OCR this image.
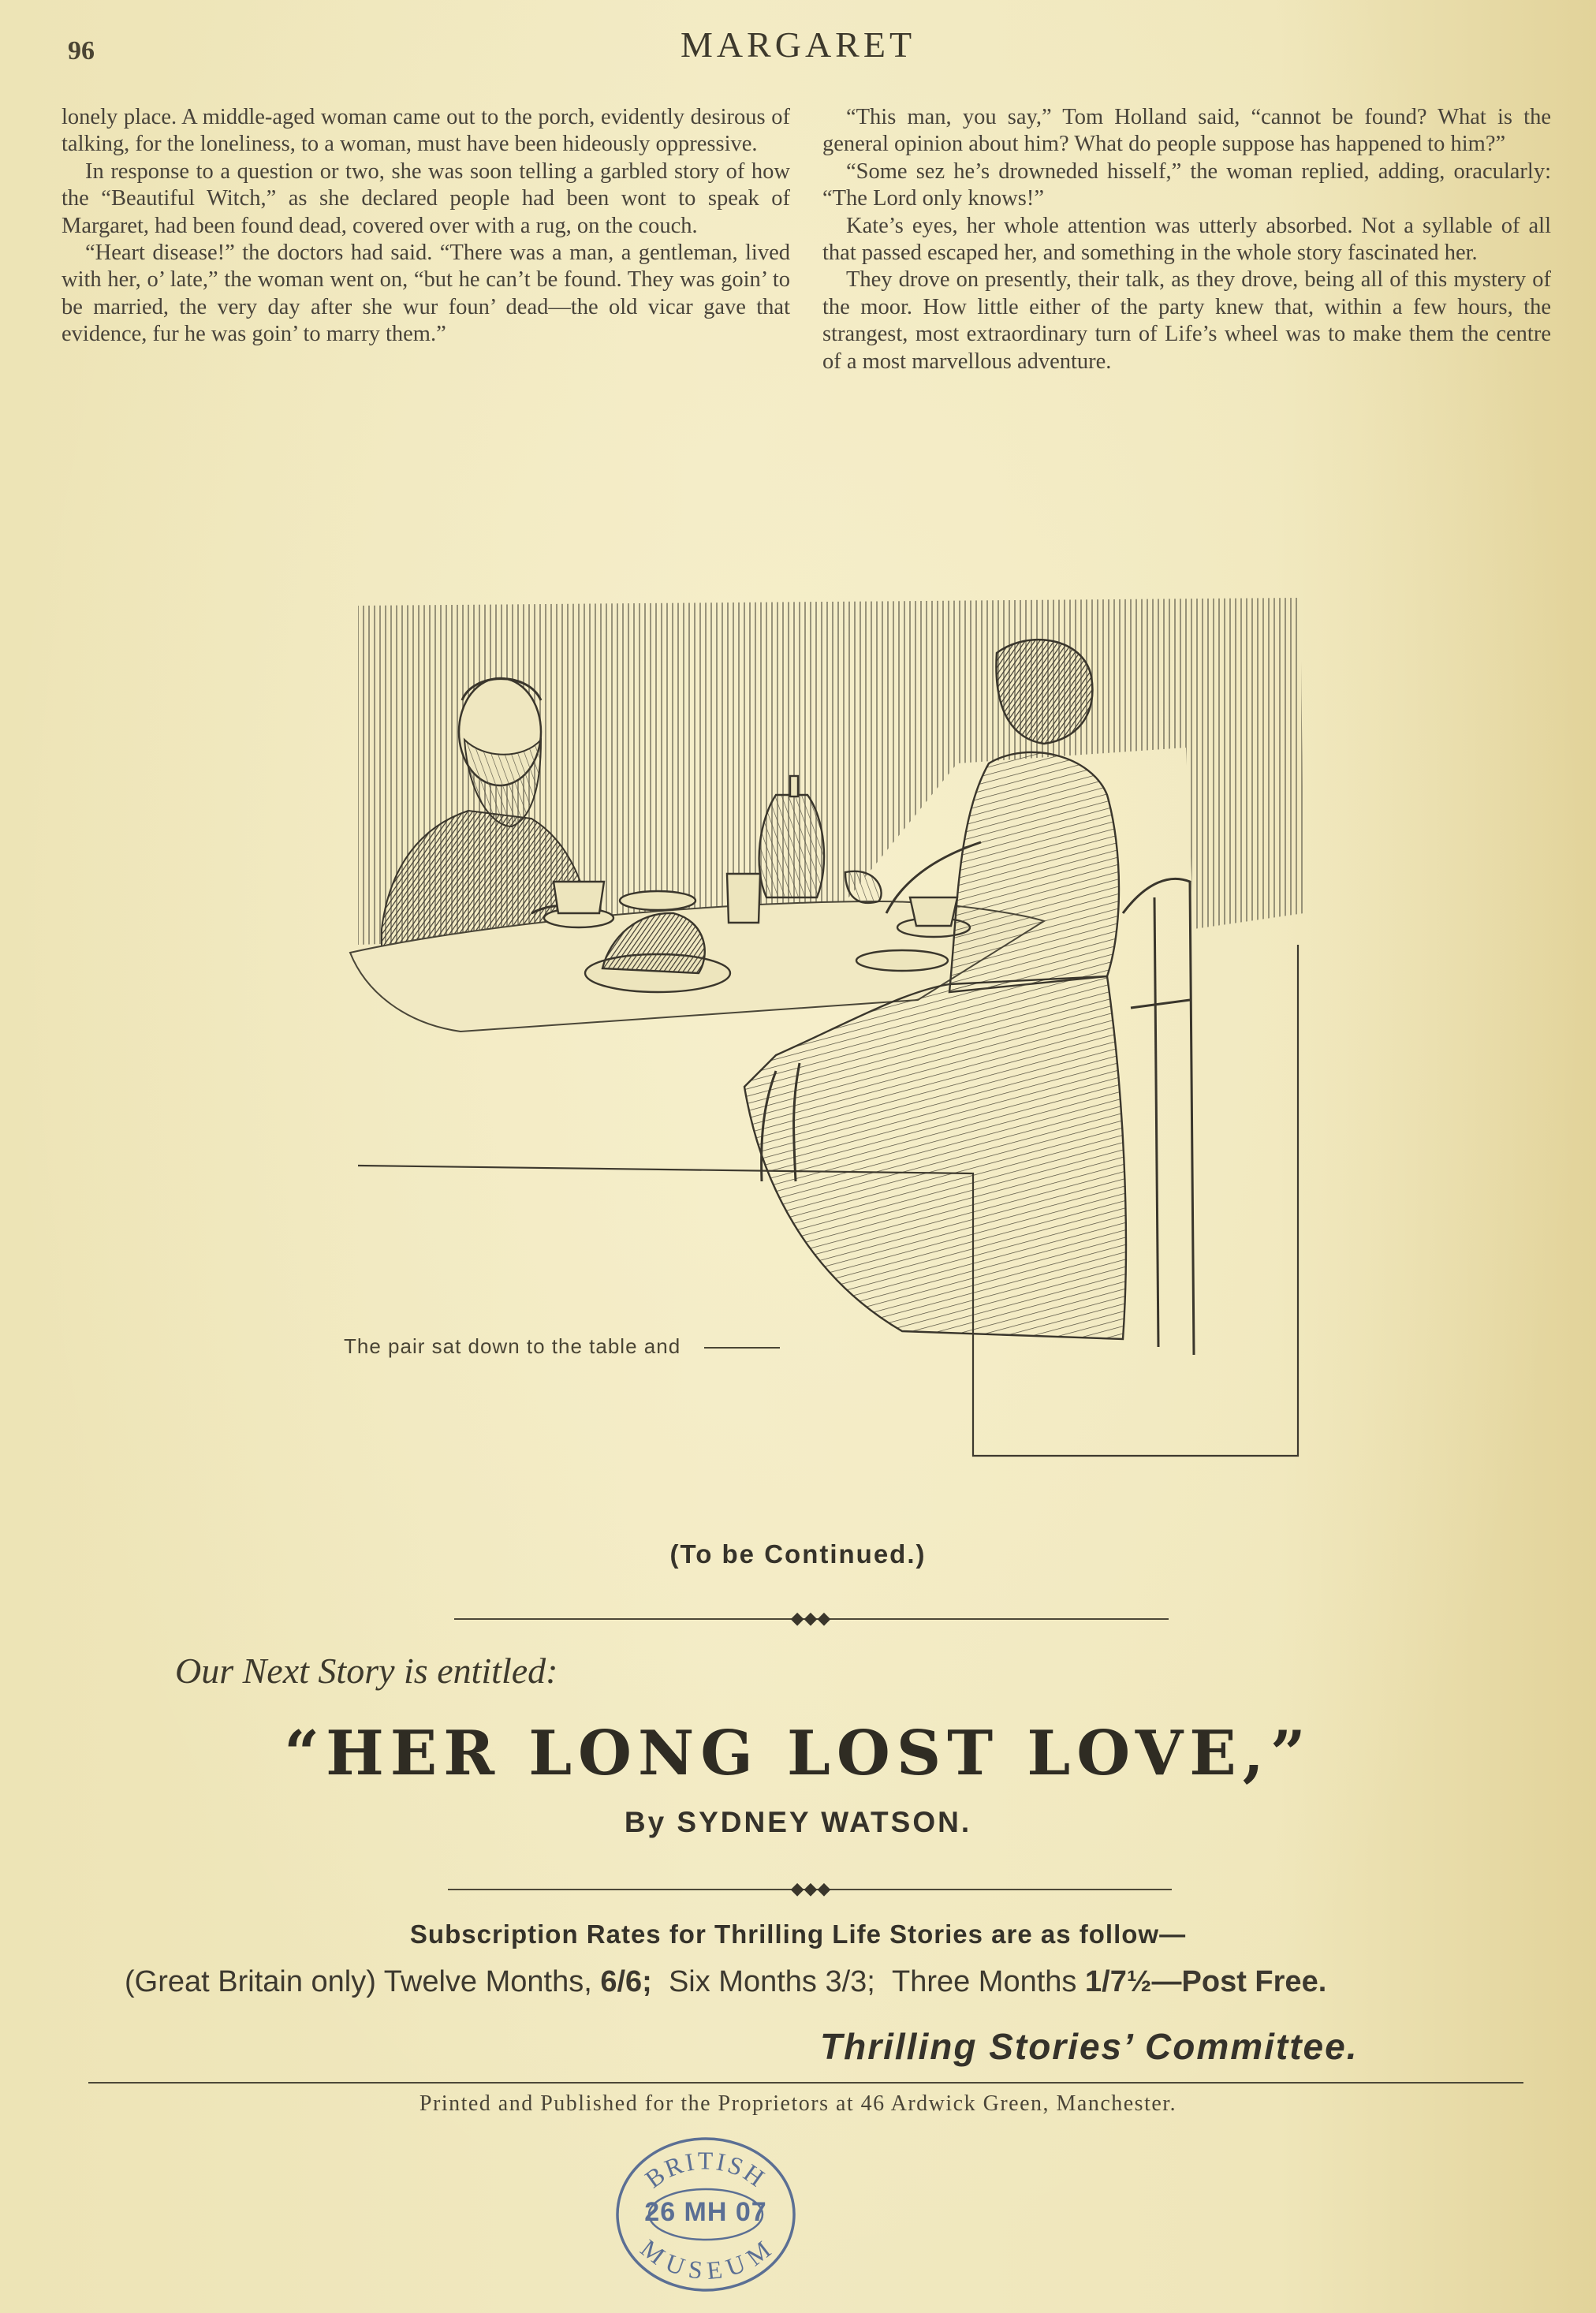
96	MARGARET

lonely place. A middle-aged woman came out to the porch, evidently desirous of talking, for the loneliness, to a woman, must have been hideously oppressive.

In response to a question or two, she was soon telling a garbled story of how the “Beautiful Witch,” as she declared people had been wont to speak of Margaret, had been found dead, covered over with a rug, on the couch.

“Heart disease!” the doctors had said. “There was a man, a gentleman, lived with her, o’ late,” the woman went on, “but he can’t be found. They was goin’ to be married, the very day after she wur foun’ dead—the old vicar gave that evidence, fur he was goin’ to marry them.”

“This man, you say,” Tom Holland said, “cannot be found? What is the general opinion about him? What do people suppose has happened to him?”

“Some sez he’s drowneded hisself,” the woman replied, adding, oracularly: “The Lord only knows!”

Kate’s eyes, her whole attention was utterly absorbed. Not a syllable of all that passed escaped her, and something in the whole story fascinated her.

They drove on presently, their talk, as they drove, being all of this mystery of the moor. How little either of the party knew that, within a few hours, the strangest, most extraordinary turn of Life’s wheel was to make them the centre of a most marvellous adventure.

The pair sat down to the table and
(To be Continued.)
◆◆◆
Our Next Story is entitled:
“HER LONG LOST LOVE,”
By SYDNEY WATSON.
◆◆◆
Subscription Rates for Thrilling Life Stories are as follow—
(Great Britain only) Twelve Months, 6/6; Six Months 3/3; Three Months 1/7½—Post Free.
Thrilling Stories’ Committee.
Printed and Published for the Proprietors at 46 Ardwick Green, Manchester.
BRITISH
MUSEUM
26 MH 07
